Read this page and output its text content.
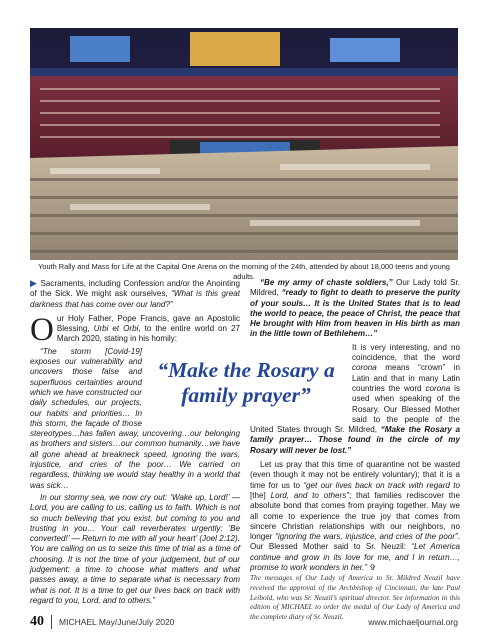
Youth Rally and Mass for Life at the Capital One Arena on the morning of the 24th, attended by about 18,000 teens and young adults.

▶ Sacraments, including Confession and/or the Anointing of the Sick. We might ask ourselves, “What is this great darkness that has come over our land?”

Our Holy Father, Pope Francis, gave an Apostolic Blessing, Urbi et Orbi, to the entire world on 27 March 2020, stating in his homily:

“The storm [Covid-19] exposes our vulnerability and uncovers those false and superfluous certainties around which we have constructed our daily schedules, our projects, our habits and priorities… In this storm, the façade of those stereotypes…has fallen away, uncovering…our belonging as brothers and sisters…our common humanity…we have all gone ahead at breakneck speed, ignoring the wars, injustice, and cries of the poor… We carried on regardless, thinking we would stay healthy in a world that was sick…

In our stormy sea, we now cry out: ‘Wake up, Lord!’ — Lord, you are calling to us, calling us to faith. Which is not so much believing that you exist, but coming to you and trusting in you… Your call reverberates urgently: ‘Be converted!’ — Return to me with all your heart’ (Joel 2:12). You are calling on us to seize this time of trial as a time of choosing. It is not the time of your judgement, but of our judgement: a time to choose what matters and what passes away, a time to separate what is necessary from what is not. It is a time to get our lives back on track with regard to you, Lord, and to others.”

“Make the Rosary a family prayer”

“Be my army of chaste soldiers,” Our Lady told Sr. Mildred, “ready to fight to death to preserve the purity of your souls… It is the United States that is to lead the world to peace, the peace of Christ, the peace that He brought with Him from heaven in His birth as man in the little town of Bethlehem…”

It is very interesting, and no coincidence, that the word corona means “crown” in Latin and that in many Latin countries the word corona is used when speaking of the Rosary. Our Blessed Mother said to the people of the United States through Sr. Mildred, “Make the Rosary a family prayer… Those found in the circle of my Rosary will never be lost.”

Let us pray that this time of quarantine not be wasted (even though it may not be entirely voluntary); that it is a time for us to “get our lives back on track with regard to [the] Lord, and to others”; that families rediscover the absolute bond that comes from praying together. May we all come to experience the true joy that comes from sincere Christian relationships with our neighbors, no longer “ignoring the wars, injustice, and cries of the poor”. Our Blessed Mother said to Sr. Neuzil: “Let America continue and grow in its love for me, and I in return…, promise to work wonders in her.” ✞

The messages of Our Lady of America to Sr. Mildred Neuzil have received the approval of the Archbishop of Cincinnati, the late Paul Leibold, who was Sr. Neuzil’s spiritual director. See information in this edition of MICHAEL to order the medal of Our Lady of America and the complete diary of Sr. Neuzil.

40 MICHAEL May/June/July 2020	www.michaeljournal.org
